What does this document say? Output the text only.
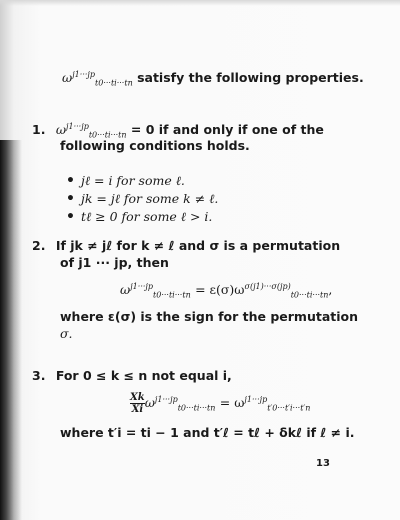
$\omega^{j1\cdot\cdot\cdot jp}_{t0\cdot\cdot\cdot ti\cdot\cdot\cdot tn}$ satisfy the following properties.
1. $\omega^{j1\cdot\cdot\cdot jp}_{t0\cdot\cdot\cdot ti\cdot\cdot\cdot tn} = 0$ if and only if one of the
following conditions holds.
• jℓ = i for some ℓ.
• jk = jℓ for some k ≠ ℓ.
• tℓ ≥ 0 for some ℓ > i.
2. If jk ≠ jℓ for k ≠ ℓ and σ is a permutation
of j1 ··· jp, then
$\omega^{j1\cdot\cdot\cdot jp}_{t0\cdot\cdot\cdot ti\cdot\cdot\cdot tn} = \varepsilon(\sigma)\omega^{\sigma(j1)\cdot\cdot\cdot\sigma(jp)}_{t0\cdot\cdot\cdot ti\cdot\cdot\cdot tn}$,
where ε(σ) is the sign for the permutation
σ.
3. For 0 ≤ k ≤ n not equal i,
$\frac{Xk}{Xi} \omega^{j1\cdot\cdot\cdot jp}_{t0\cdot\cdot\cdot ti\cdot\cdot\cdot tn} = \omega^{j1\cdot\cdot\cdot jp}_{t'0\cdot\cdot\cdot t'i\cdot\cdot\cdot t'n}$
where t′i = ti − 1 and t′ℓ = tℓ + δkℓ if ℓ ≠ i.
13
